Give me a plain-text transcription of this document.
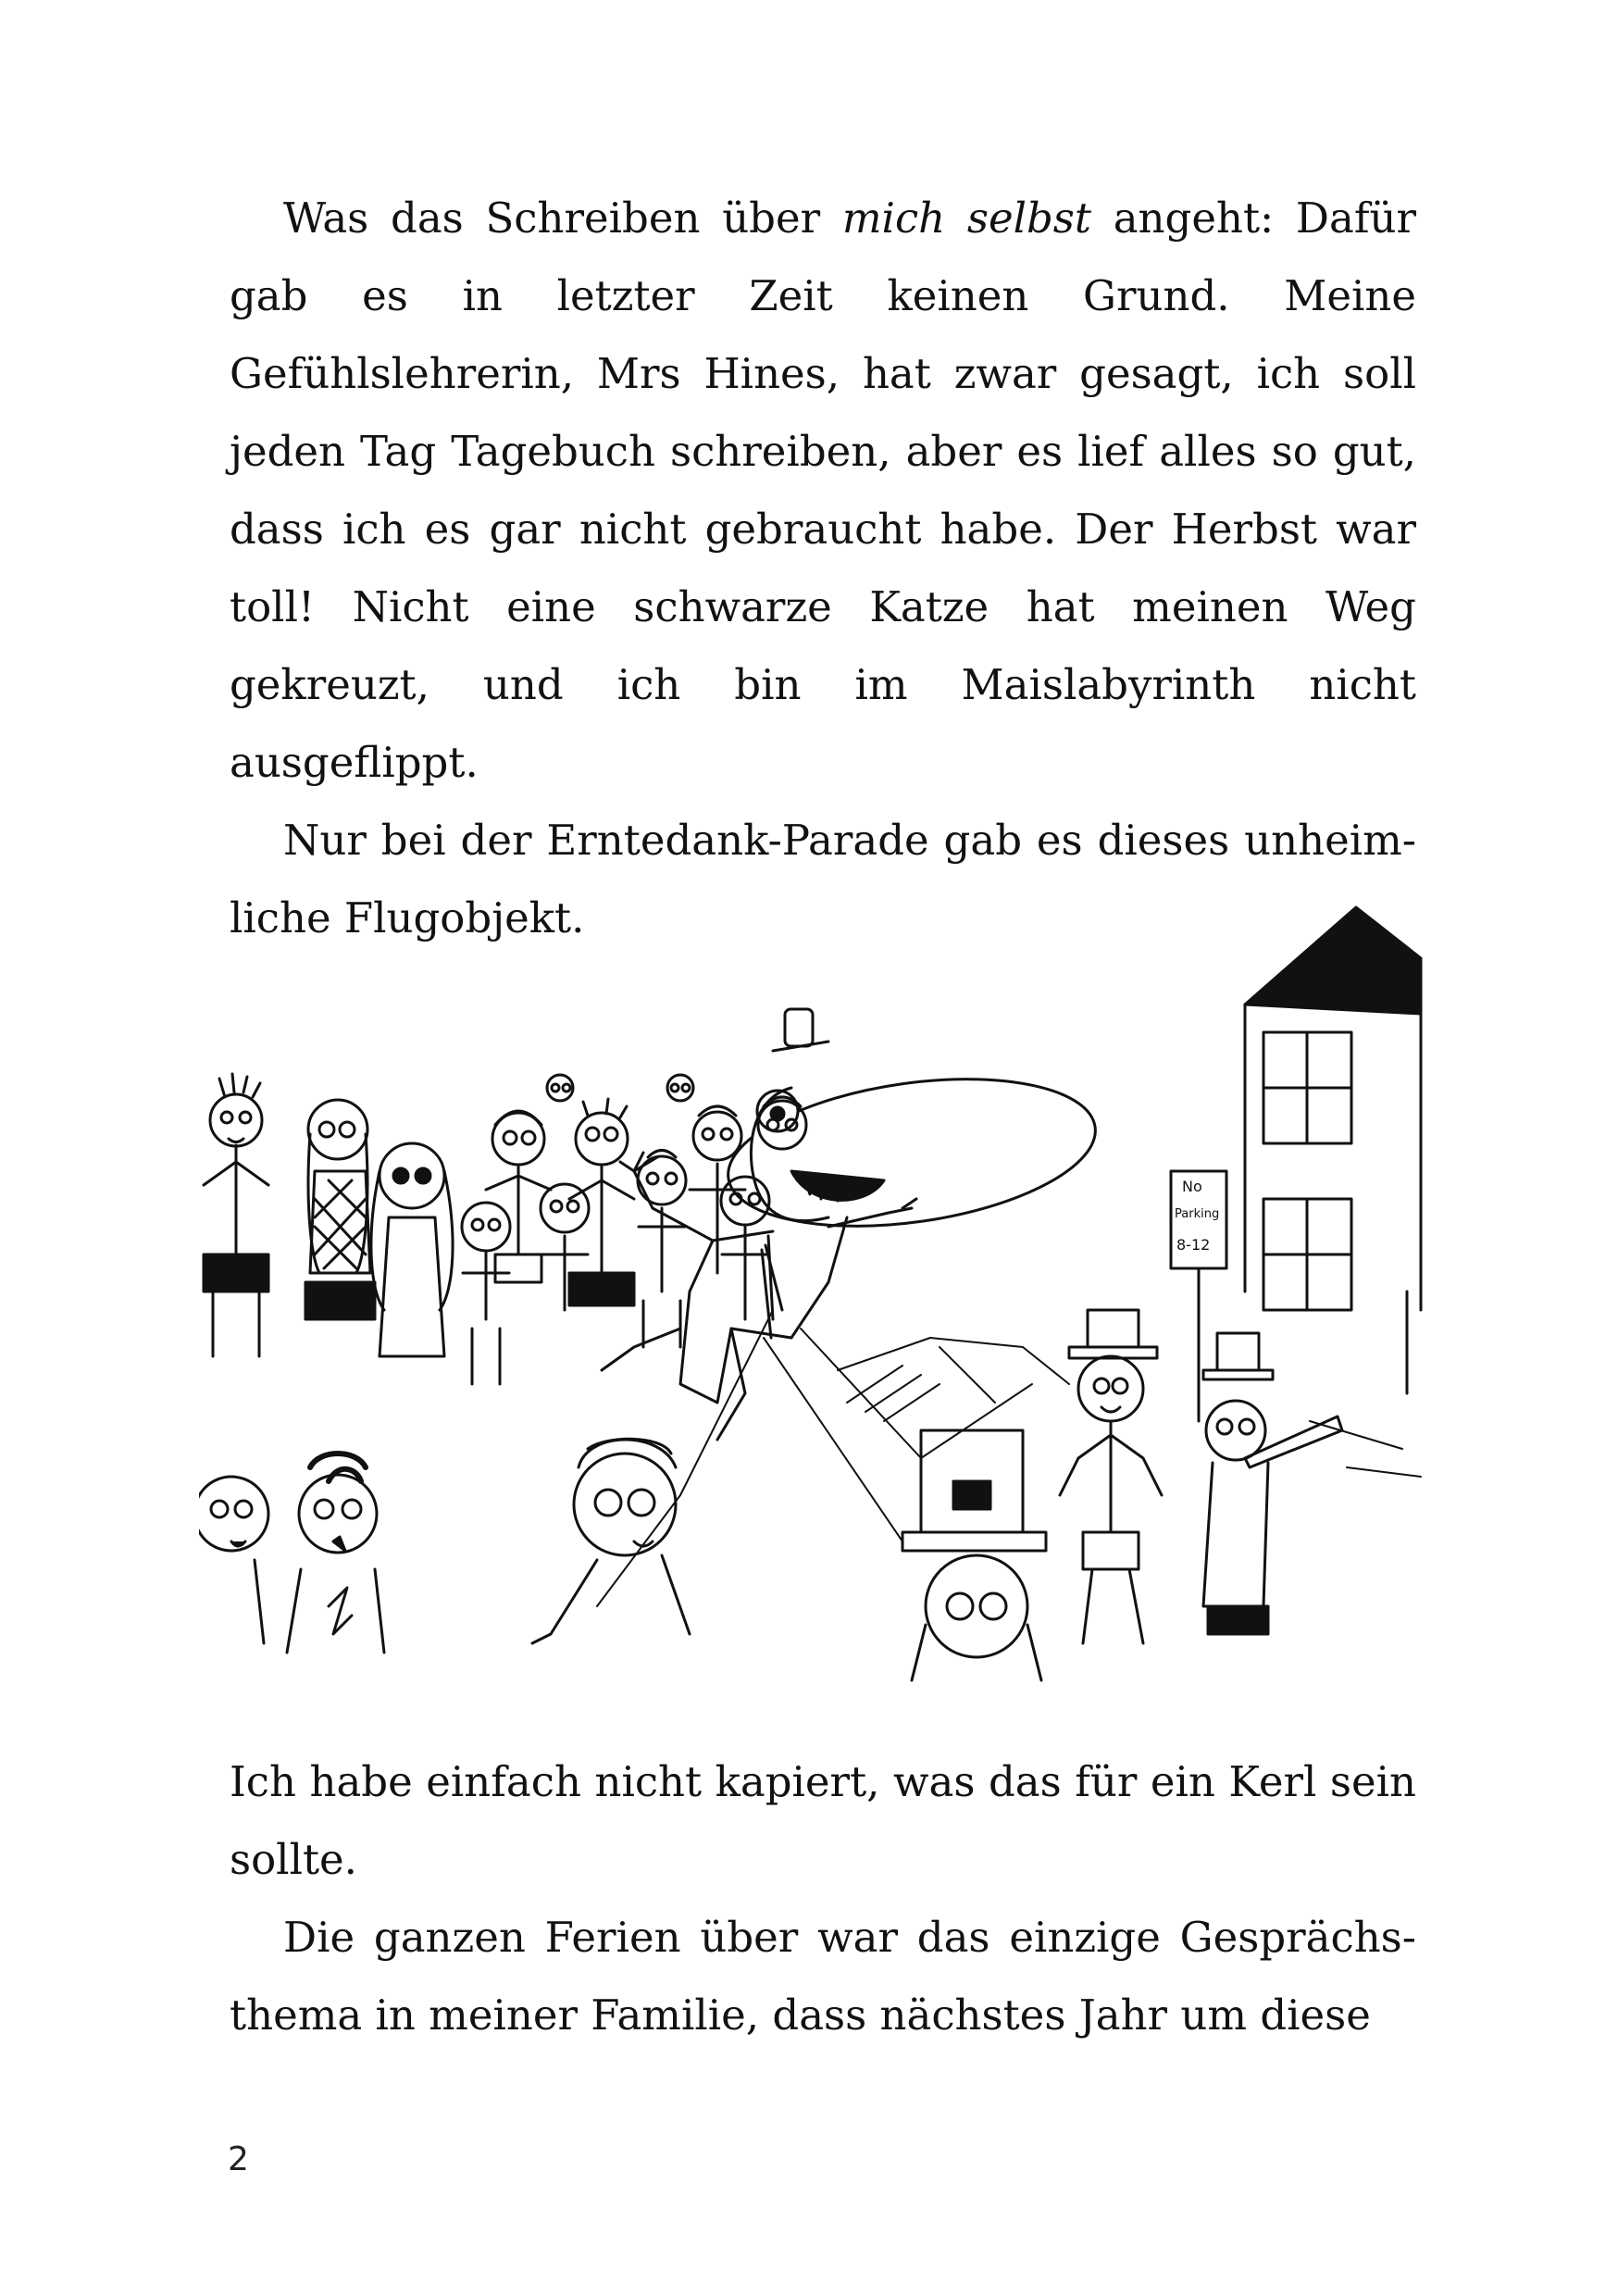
Was das Schreiben über mich selbst angeht: Dafür gab es in letzter Zeit keinen Grund. Meine Gefühlslehrerin, Mrs Hines, hat zwar gesagt, ich soll jeden Tag Tagebuch schreiben, aber es lief alles so gut, dass ich es gar nicht gebraucht habe. Der Herbst war toll! Nicht eine schwarze Katze hat meinen Weg gekreuzt, und ich bin im Maislabyrinth nicht ausgeflippt.

Nur bei der Erntedank-Parade gab es dieses unheimliche Flugobjekt.

No
Parking
8-12

Ich habe einfach nicht kapiert, was das für ein Kerl sein sollte.

Die ganzen Ferien über war das einzige Gesprächsthema in meiner Familie, dass nächstes Jahr um diese

2
